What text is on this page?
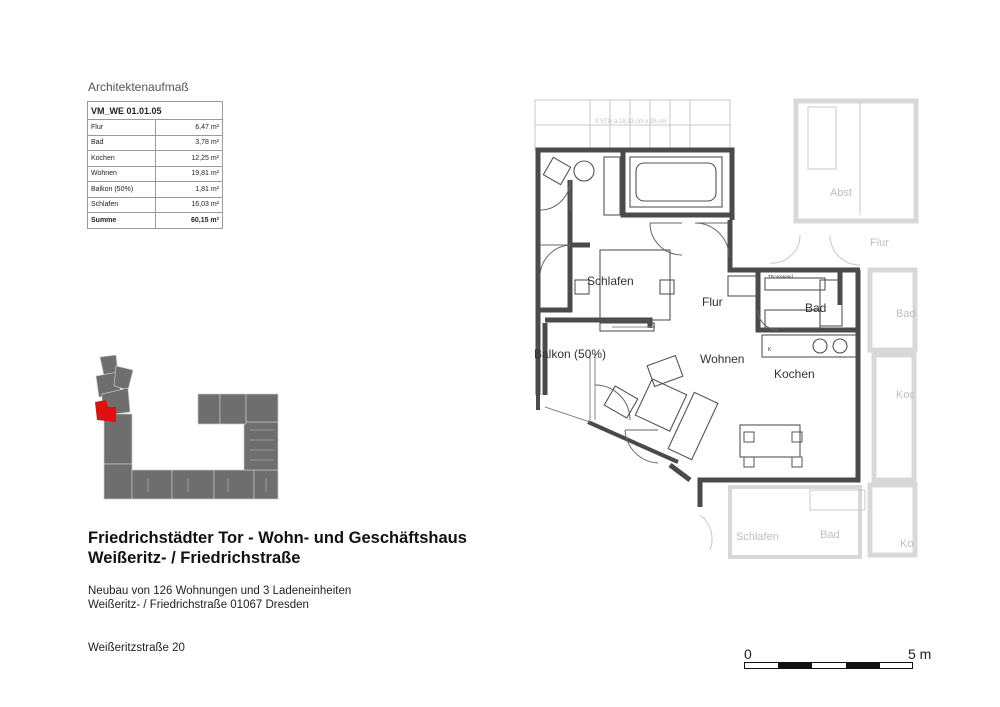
Architektenaufmaß
VM_WE 01.01.05	
Flur	6,47 m²
Bad	3,78 m²
Kochen	12,25 m²
Wohnen	19,81 m²
Balkon (50%)	1,81 m²
Schlafen	16,03 m²
Summe	60,15 m²
Friedrichstädter Tor - Wohn- und Geschäftshaus
Weißeritz- / Friedrichstraße
Neubau von 126 Wohnungen und 3 Ladeneinheiten
Weißeritz- / Friedrichstraße 01067 Dresden
Weißeritzstraße 20
Abst
Flur
Bad
Koc
Schlafen	Bad
Ko
3 STG á 18,13 cm x 26 cm
Schlafen
Flur	Bad
Wohnen
Kochen
Balkon (50%)
TB-Vorwand
K
0	5 m
